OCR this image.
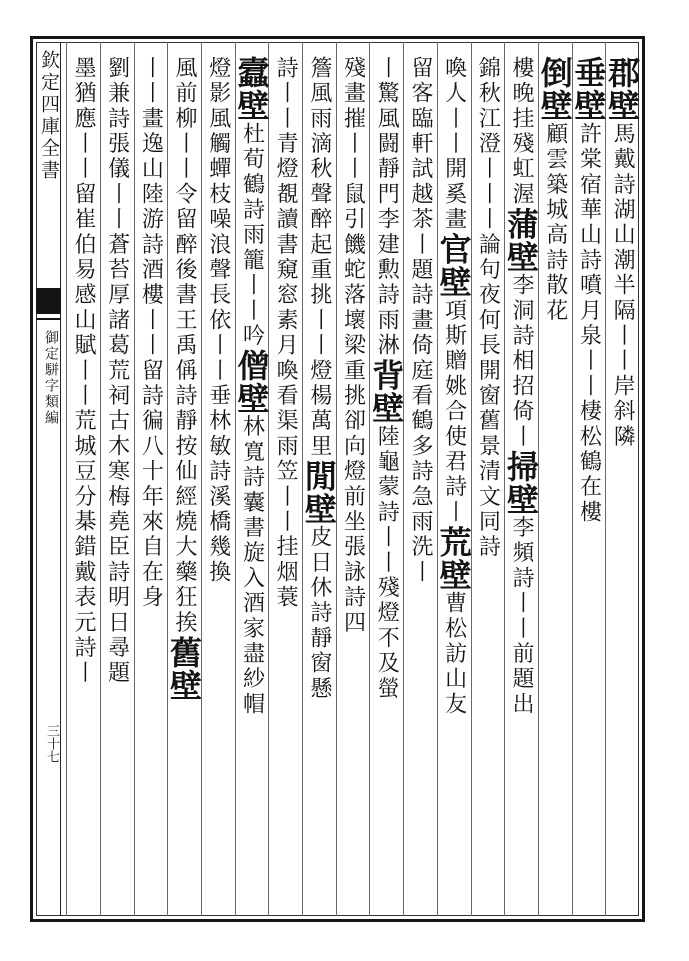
欽定四庫全書
御定駢字類編
三十七
郡壁馬戴詩湖山潮半隔丨丨岸斜隣
垂壁許棠宿華山詩噴月泉丨丨棲松鶴在樓
倒壁顧雲築城高詩散花
樓晚挂殘虹渥蒲壁李洞詩相招倚丨掃壁李頻詩丨丨前題出
錦秋江澄丨丨丨論句夜何長開窗舊景清文同詩
喚人丨丨開奚畫官壁項斯贈姚合使君詩丨荒壁曹松訪山友
留客臨軒試越茶丨題詩畫倚庭看鶴多詩急雨洗丨
丨驚風闘靜門李建勲詩雨淋背壁陸龜蒙詩丨丨殘燈不及螢
殘畫摧丨丨鼠引饑蛇落壞梁重挑卻向燈前坐張詠詩四
簷風雨滴秋聲醉起重挑丨丨燈楊萬里閒壁皮日休詩靜窗懸
詩丨丨青燈覩讀書窺窓素月喚看渠雨笠丨丨挂烟蓑
蠧壁杜荀鶴詩雨籠丨丨吟僧壁林寬詩囊書旋入酒家盡紗帽
燈影風觸蟬枝噪浪聲長依丨丨垂林敏詩溪橋幾換
風前柳丨丨令留醉後書王禹偁詩靜按仙經燒大藥狂挨舊壁
丨丨畫逸山陸游詩酒樓丨丨留詩徧八十年來自在身
劉兼詩張儀丨丨蒼苔厚諸葛荒祠古木寒梅堯臣詩明日尋題
墨猶應丨丨留崔伯易感山賦丨丨荒城豆分棊錯戴表元詩丨
